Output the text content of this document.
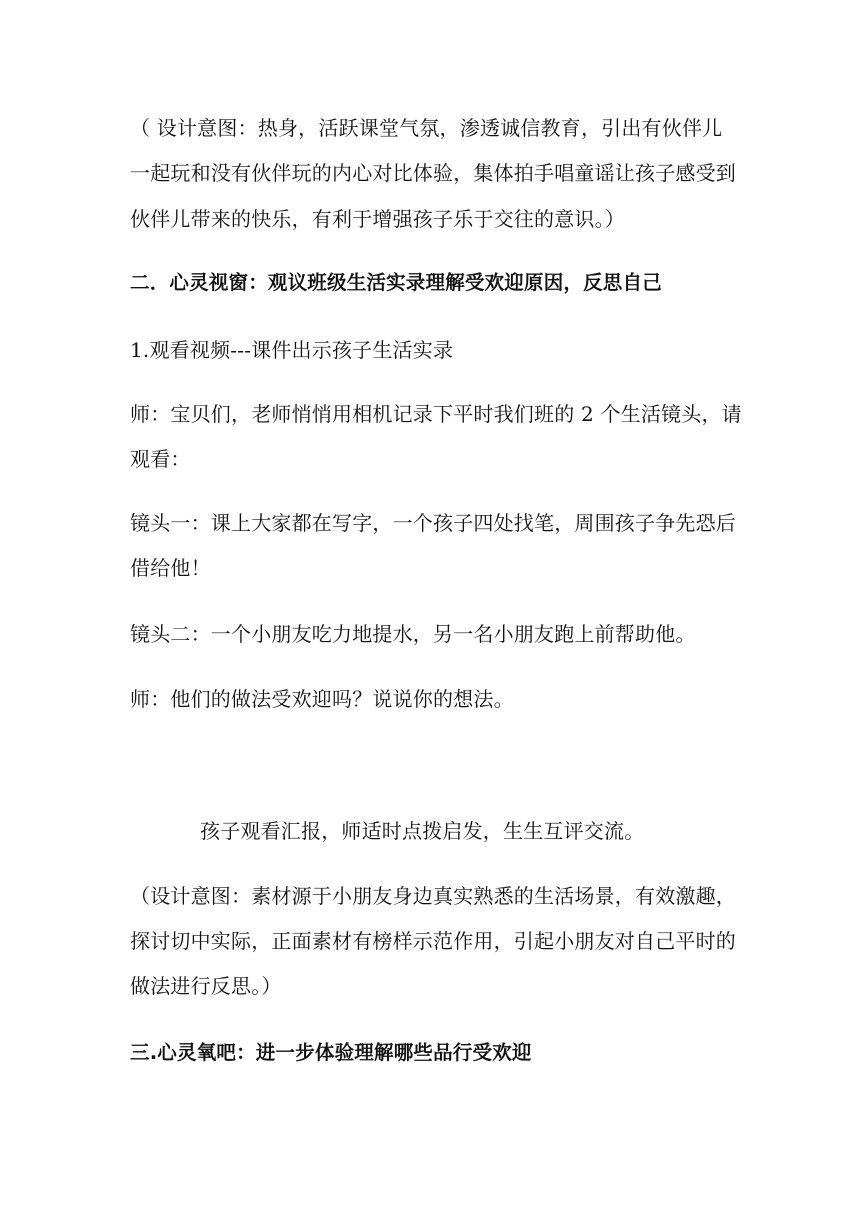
（ 设计意图：热身，活跃课堂气氛，渗透诚信教育，引出有伙伴儿
一起玩和没有伙伴玩的内心对比体验，集体拍手唱童谣让孩子感受到
伙伴儿带来的快乐，有利于增强孩子乐于交往的意识。）
二．心灵视窗：观议班级生活实录理解受欢迎原因，反思自己
1.观看视频---课件出示孩子生活实录
师：宝贝们，老师悄悄用相机记录下平时我们班的 2 个生活镜头，请
观看：
镜头一：课上大家都在写字，一个孩子四处找笔，周围孩子争先恐后
借给他！
镜头二：一个小朋友吃力地提水，另一名小朋友跑上前帮助他。
师：他们的做法受欢迎吗？说说你的想法。
孩子观看汇报，师适时点拨启发，生生互评交流。
（设计意图：素材源于小朋友身边真实熟悉的生活场景，有效激趣，
探讨切中实际，正面素材有榜样示范作用，引起小朋友对自己平时的
做法进行反思。）
三.心灵氧吧：进一步体验理解哪些品行受欢迎
